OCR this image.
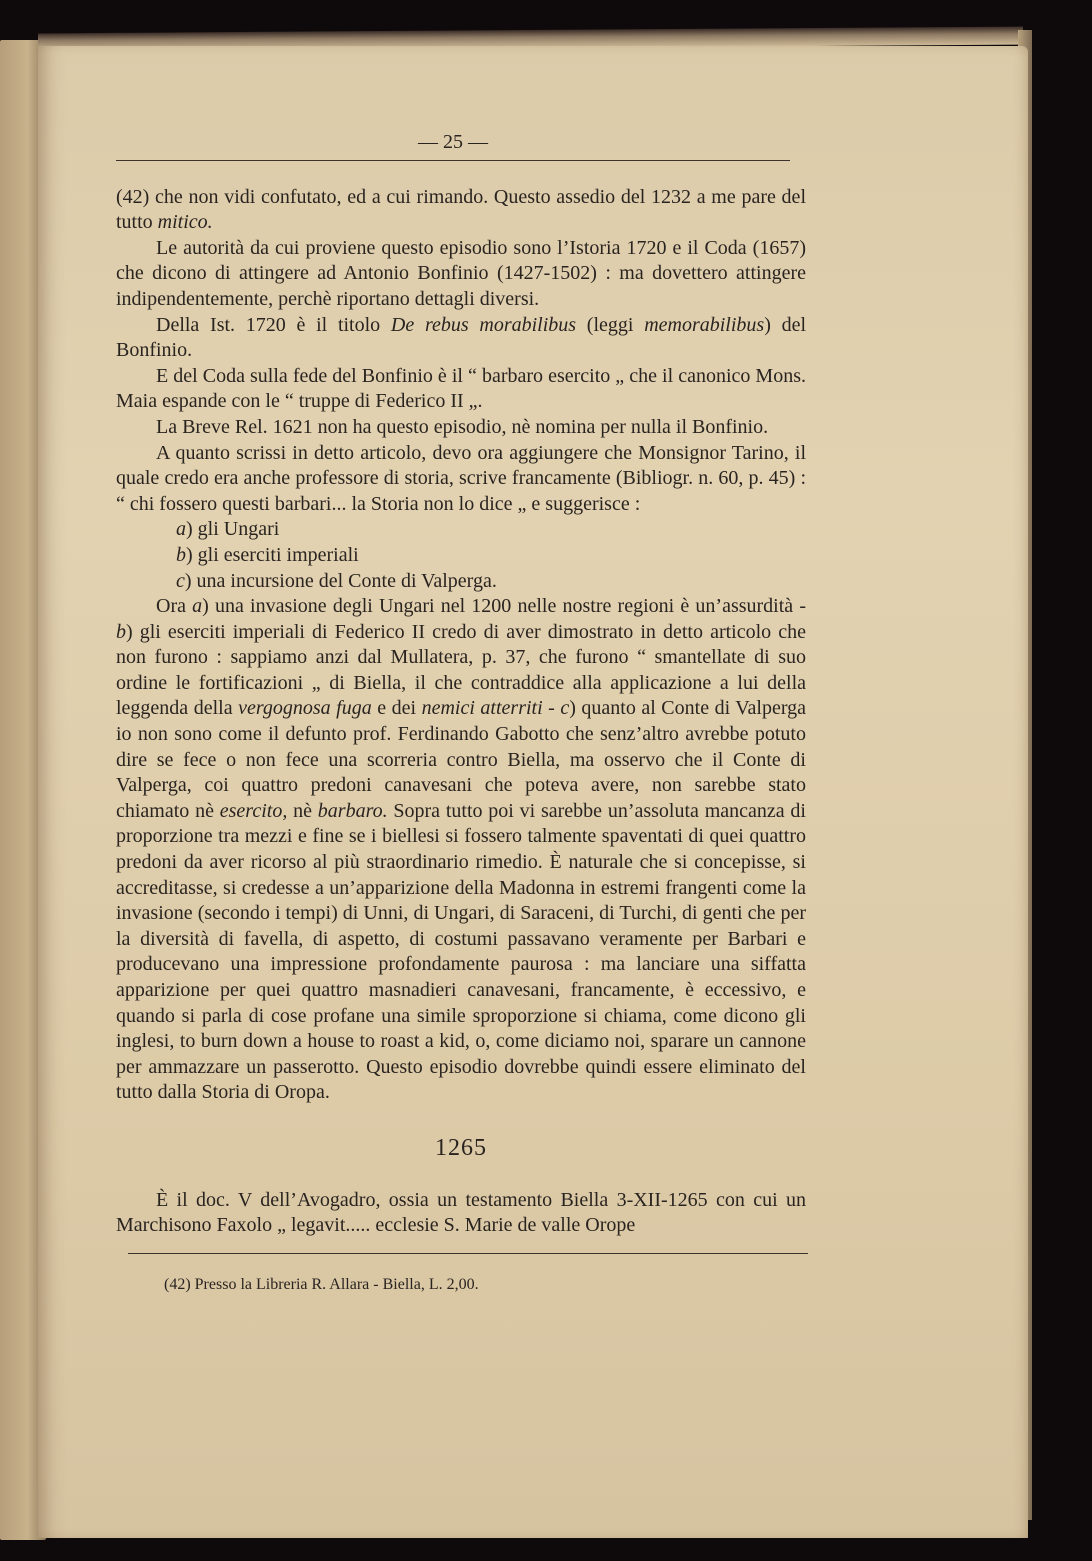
— 25 —

(42) che non vidi confutato, ed a cui rimando. Questo assedio del 1232 a me pare del tutto mitico.

Le autorità da cui proviene questo episodio sono l’Istoria 1720 e il Coda (1657) che dicono di attingere ad Antonio Bonfinio (1427-1502) : ma dovettero attingere indipendentemente, perchè riportano dettagli diversi.

Della Ist. 1720 è il titolo De rebus morabilibus (leggi memorabilibus) del Bonfinio.

E del Coda sulla fede del Bonfinio è il “ barbaro esercito „ che il canonico Mons. Maia espande con le “ truppe di Federico II „.

La Breve Rel. 1621 non ha questo episodio, nè nomina per nulla il Bonfinio.

A quanto scrissi in detto articolo, devo ora aggiungere che Monsignor Tarino, il quale credo era anche professore di storia, scrive francamente (Bibliogr. n. 60, p. 45) : “ chi fossero questi barbari... la Storia non lo dice „ e suggerisce :

a) gli Ungari

b) gli eserciti imperiali

c) una incursione del Conte di Valperga.

Ora a) una invasione degli Ungari nel 1200 nelle nostre regioni è un’assurdità - b) gli eserciti imperiali di Federico II credo di aver dimostrato in detto articolo che non furono : sappiamo anzi dal Mullatera, p. 37, che furono “ smantellate di suo ordine le fortificazioni „ di Biella, il che contraddice alla applicazione a lui della leggenda della vergognosa fuga e dei nemici atterriti - c) quanto al Conte di Valperga io non sono come il defunto prof. Ferdinando Gabotto che senz’altro avrebbe potuto dire se fece o non fece una scorreria contro Biella, ma osservo che il Conte di Valperga, coi quattro predoni canavesani che poteva avere, non sarebbe stato chiamato nè esercito, nè barbaro. Sopra tutto poi vi sarebbe un’assoluta mancanza di proporzione tra mezzi e fine se i biellesi si fossero talmente spaventati di quei quattro predoni da aver ricorso al più straordinario rimedio. È naturale che si concepisse, si accreditasse, si credesse a un’apparizione della Madonna in estremi frangenti come la invasione (secondo i tempi) di Unni, di Ungari, di Saraceni, di Turchi, di genti che per la diversità di favella, di aspetto, di costumi passavano veramente per Barbari e producevano una impressione profondamente paurosa : ma lanciare una siffatta apparizione per quei quattro masnadieri canavesani, francamente, è eccessivo, e quando si parla di cose profane una simile sproporzione si chiama, come dicono gli inglesi, to burn down a house to roast a kid, o, come diciamo noi, sparare un cannone per ammazzare un passerotto. Questo episodio dovrebbe quindi essere eliminato del tutto dalla Storia di Oropa.

1265

È il doc. V dell’Avogadro, ossia un testamento Biella 3-XII-1265 con cui un Marchisono Faxolo „ legavit..... ecclesie S. Marie de valle Orope

(42) Presso la Libreria R. Allara - Biella, L. 2,00.
